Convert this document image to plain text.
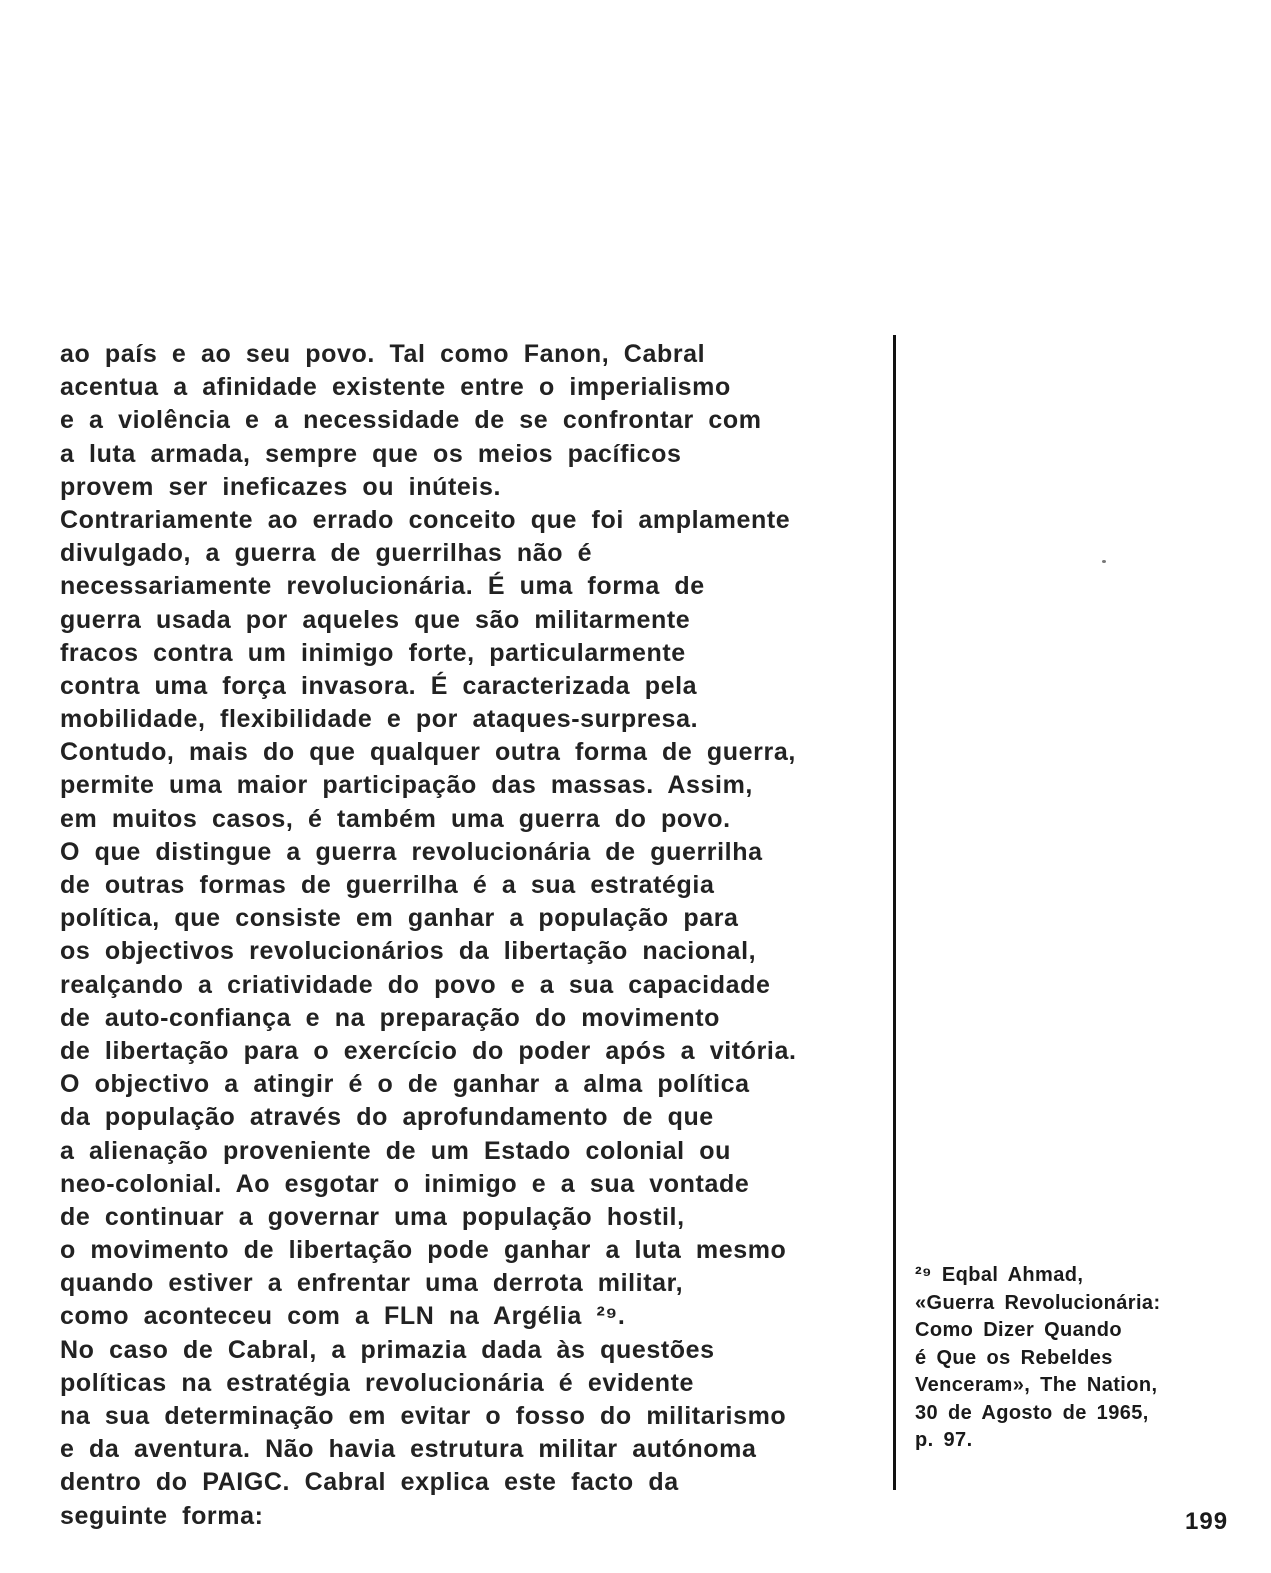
ao país e ao seu povo. Tal como Fanon, Cabral
acentua a afinidade existente entre o imperialismo
e a violência e a necessidade de se confrontar com
a luta armada, sempre que os meios pacíficos
provem ser ineficazes ou inúteis.
Contrariamente ao errado conceito que foi amplamente
divulgado, a guerra de guerrilhas não é
necessariamente revolucionária. É uma forma de
guerra usada por aqueles que são militarmente
fracos contra um inimigo forte, particularmente
contra uma força invasora. É caracterizada pela
mobilidade, flexibilidade e por ataques-surpresa.
Contudo, mais do que qualquer outra forma de guerra,
permite uma maior participação das massas. Assim,
em muitos casos, é também uma guerra do povo.
O que distingue a guerra revolucionária de guerrilha
de outras formas de guerrilha é a sua estratégia
política, que consiste em ganhar a população para
os objectivos revolucionários da libertação nacional,
realçando a criatividade do povo e a sua capacidade
de auto-confiança e na preparação do movimento
de libertação para o exercício do poder após a vitória.
O objectivo a atingir é o de ganhar a alma política
da população através do aprofundamento de que
a alienação proveniente de um Estado colonial ou
neo-colonial. Ao esgotar o inimigo e a sua vontade
de continuar a governar uma população hostil,
o movimento de libertação pode ganhar a luta mesmo
quando estiver a enfrentar uma derrota militar,
como aconteceu com a FLN na Argélia ²⁹.
No caso de Cabral, a primazia dada às questões
políticas na estratégia revolucionária é evidente
na sua determinação em evitar o fosso do militarismo
e da aventura. Não havia estrutura militar autónoma
dentro do PAIGC. Cabral explica este facto da
seguinte forma:
²⁹ Eqbal Ahmad,
«Guerra Revolucionária:
Como Dizer Quando
é Que os Rebeldes
Venceram», The Nation,
30 de Agosto de 1965,
p. 97.
199
